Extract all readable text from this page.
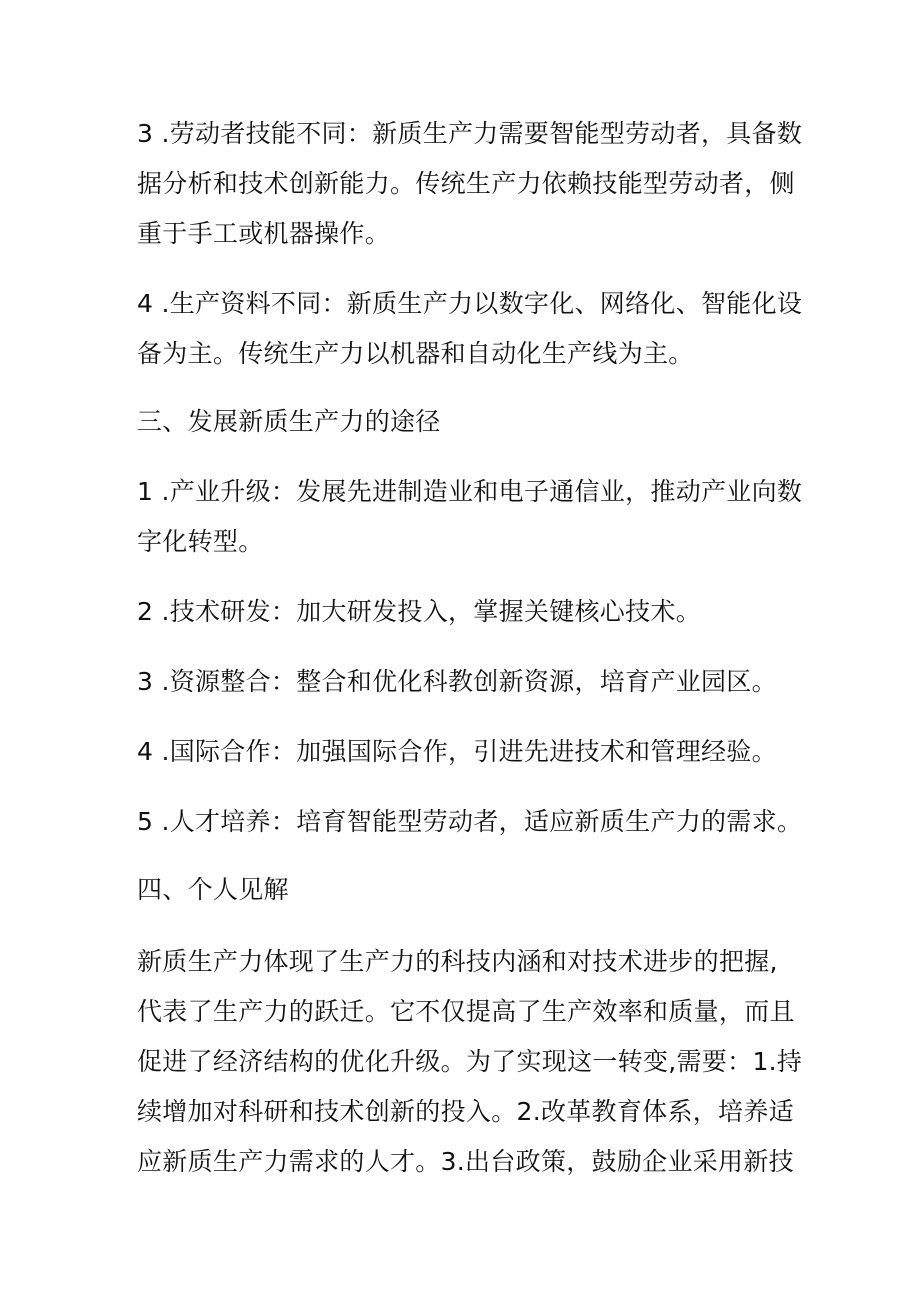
3 .劳动者技能不同：新质生产力需要智能型劳动者，具备数
据分析和技术创新能力。传统生产力依赖技能型劳动者，侧
重于手工或机器操作。
4 .生产资料不同：新质生产力以数字化、网络化、智能化设
备为主。传统生产力以机器和自动化生产线为主。
三、发展新质生产力的途径
1 .产业升级：发展先进制造业和电子通信业，推动产业向数
字化转型。
2 .技术研发：加大研发投入，掌握关键核心技术。
3 .资源整合：整合和优化科教创新资源，培育产业园区。
4 .国际合作：加强国际合作，引进先进技术和管理经验。
5 .人才培养：培育智能型劳动者，适应新质生产力的需求。
四、个人见解
新质生产力体现了生产力的科技内涵和对技术进步的把握,
代表了生产力的跃迁。它不仅提高了生产效率和质量，而且
促进了经济结构的优化升级。为了实现这一转变,需要：1.持
续增加对科研和技术创新的投入。2.改革教育体系，培养适
应新质生产力需求的人才。3.出台政策，鼓励企业采用新技
